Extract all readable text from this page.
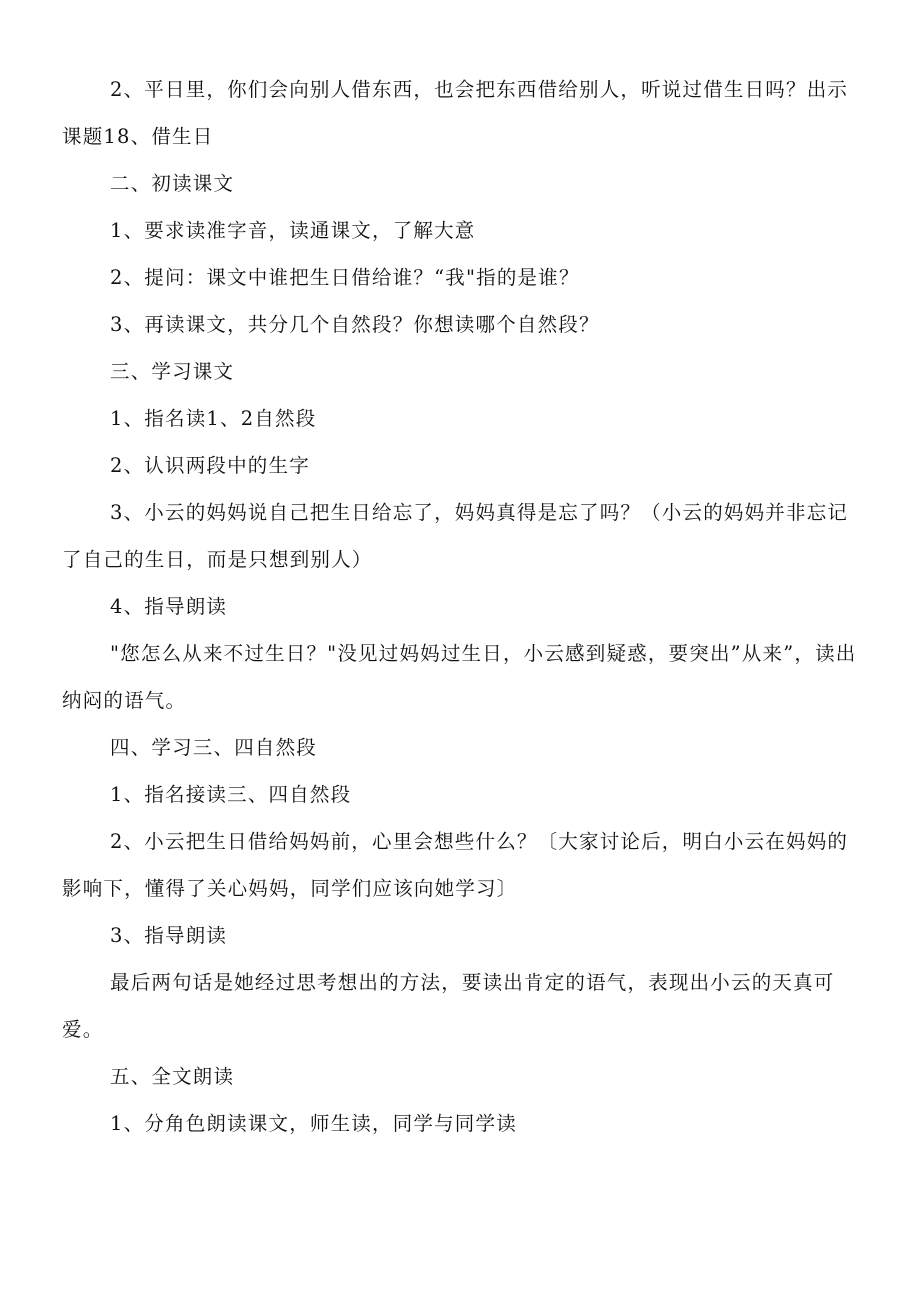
2、平日里，你们会向别人借东西，也会把东西借给别人，听说过借生日吗？出示课题18、借生日

二、初读课文

1、要求读准字音，读通课文，了解大意

2、提问：课文中谁把生日借给谁？“我"指的是谁？

3、再读课文，共分几个自然段？你想读哪个自然段？

三、学习课文

1、指名读1、2自然段

2、认识两段中的生字

3、小云的妈妈说自己把生日给忘了，妈妈真得是忘了吗？（小云的妈妈并非忘记了自己的生日，而是只想到别人）

4、指导朗读

"您怎么从来不过生日？"没见过妈妈过生日，小云感到疑惑，要突出”从来”，读出纳闷的语气。

四、学习三、四自然段

1、指名接读三、四自然段

2、小云把生日借给妈妈前，心里会想些什么？〔大家讨论后，明白小云在妈妈的影响下，懂得了关心妈妈，同学们应该向她学习〕

3、指导朗读

最后两句话是她经过思考想出的方法，要读出肯定的语气，表现出小云的天真可爱。

五、全文朗读

1、分角色朗读课文，师生读，同学与同学读
